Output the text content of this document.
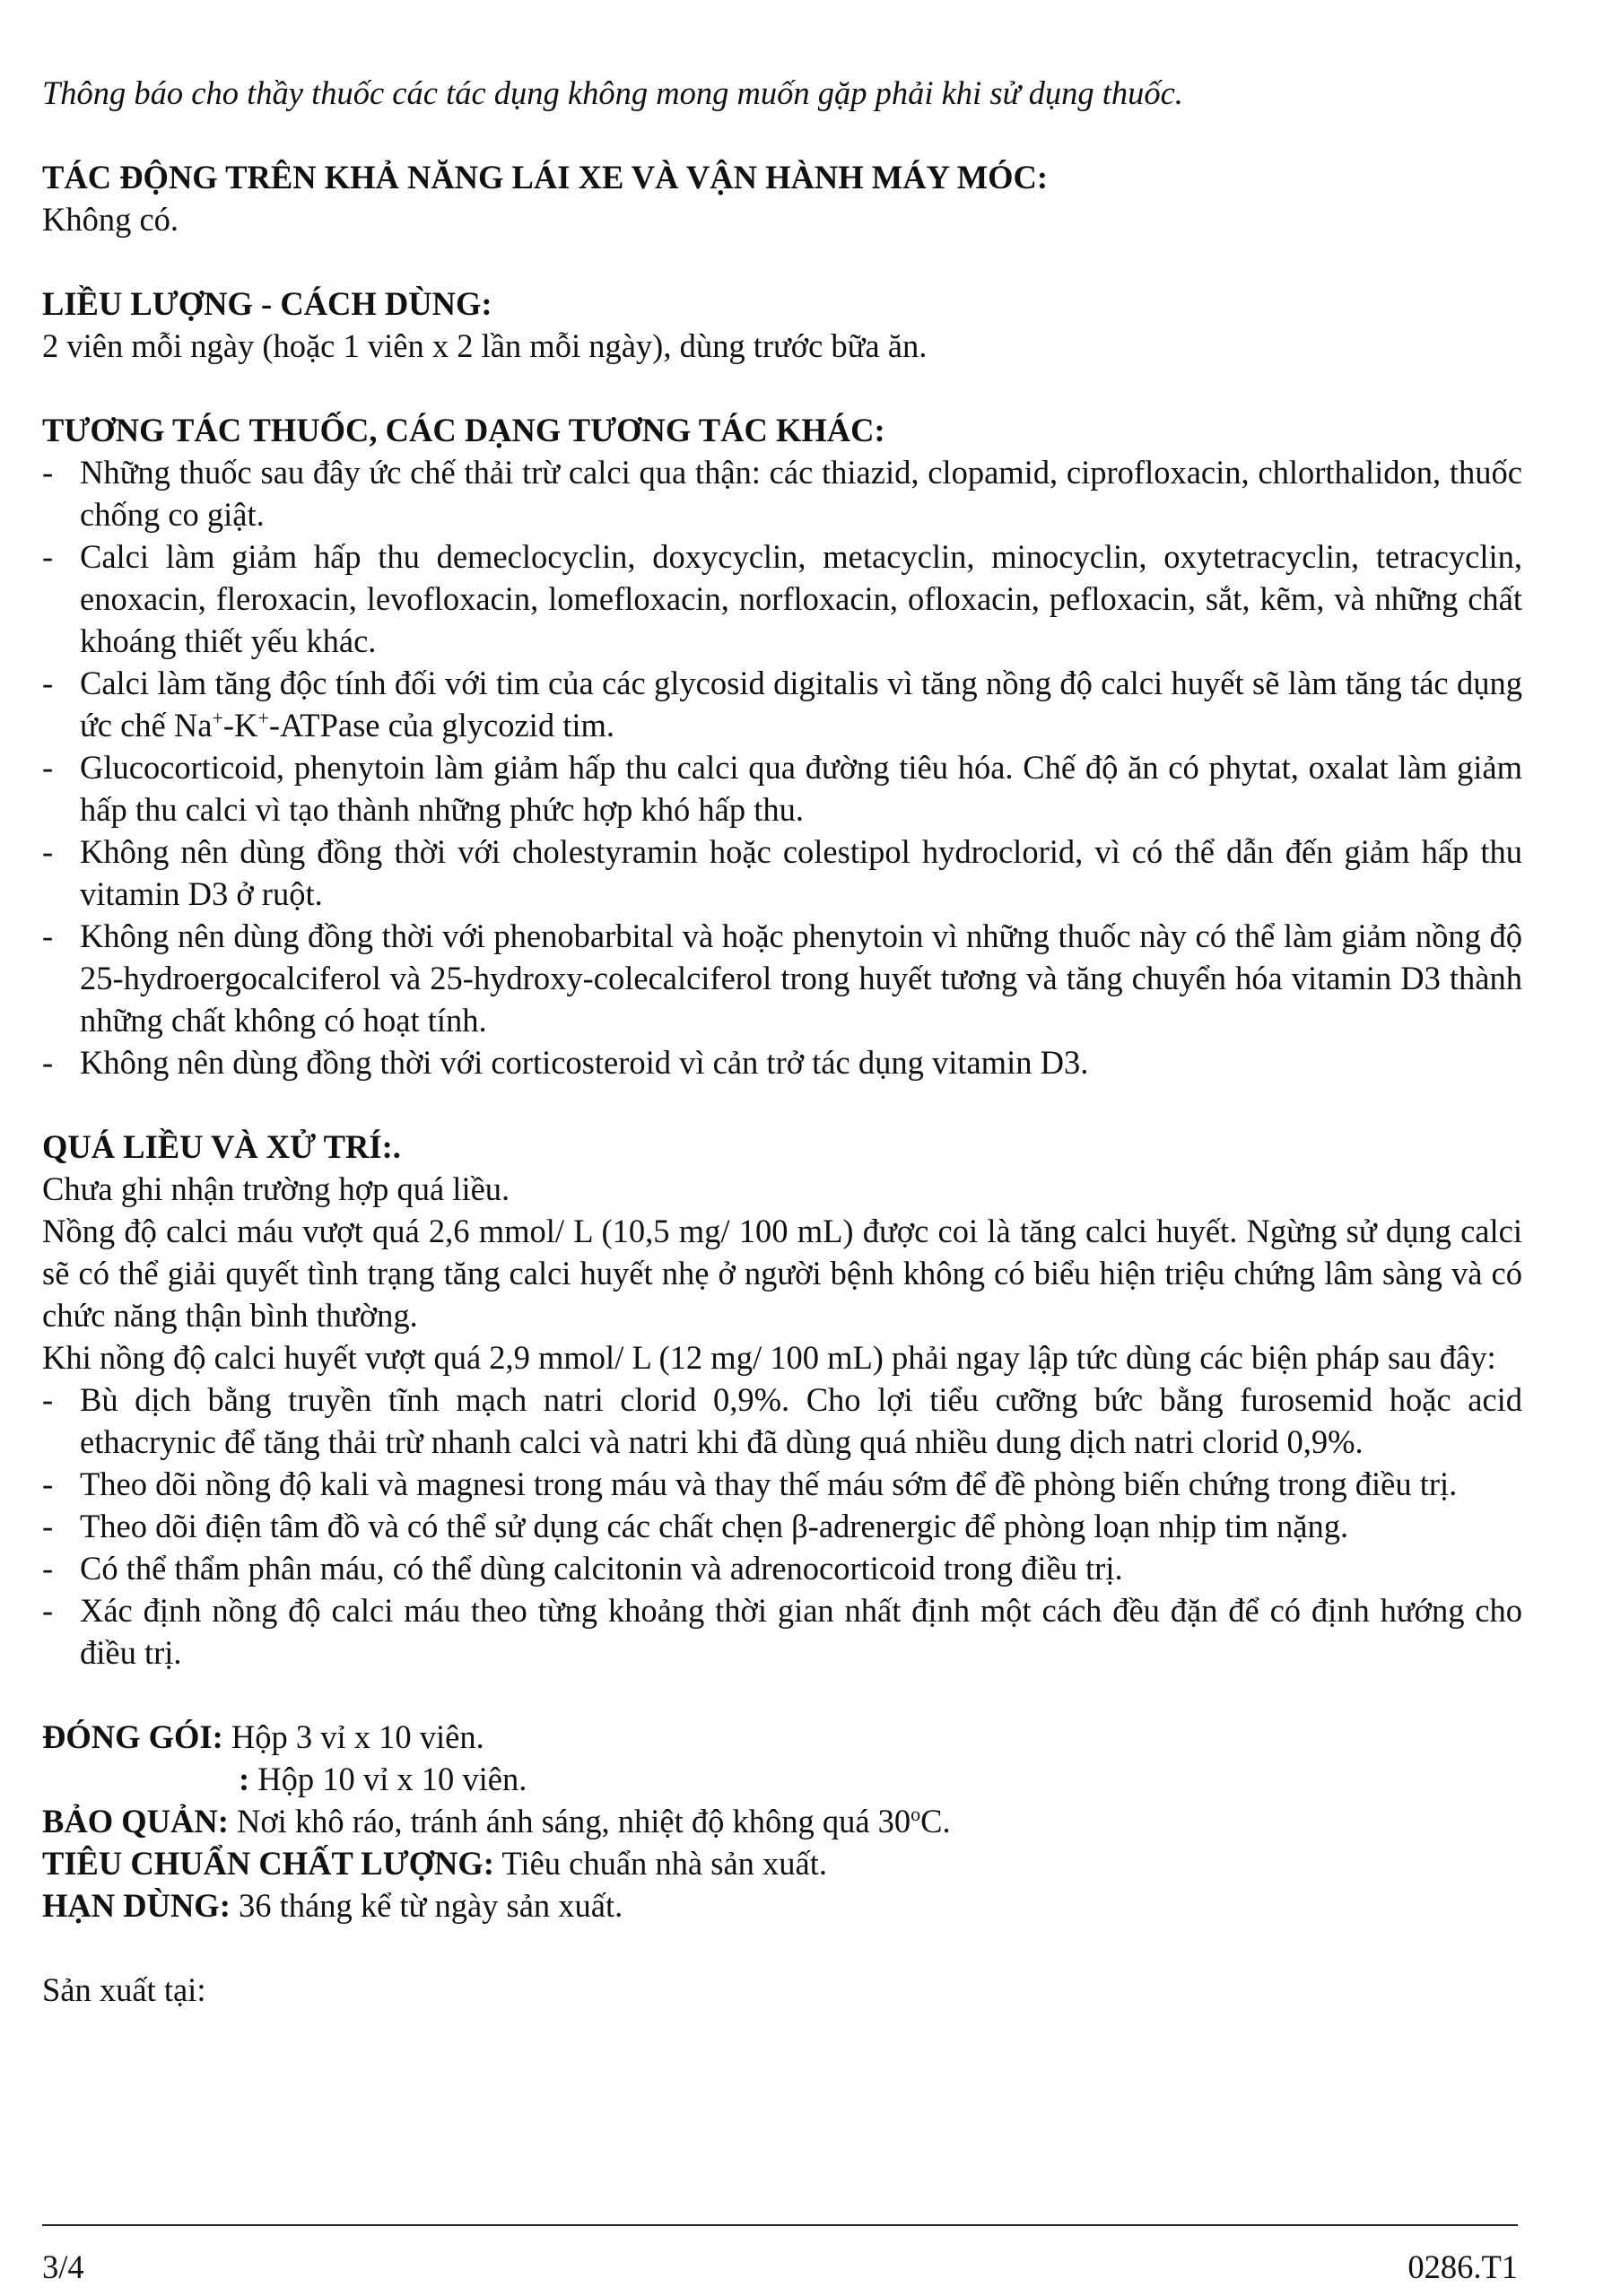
Thông báo cho thầy thuốc các tác dụng không mong muốn gặp phải khi sử dụng thuốc.

TÁC ĐỘNG TRÊN KHẢ NĂNG LÁI XE VÀ VẬN HÀNH MÁY MÓC:

Không có.

LIỀU LƯỢNG - CÁCH DÙNG:

2 viên mỗi ngày (hoặc 1 viên x 2 lần mỗi ngày), dùng trước bữa ăn.

TƯƠNG TÁC THUỐC, CÁC DẠNG TƯƠNG TÁC KHÁC:
- Những thuốc sau đây ức chế thải trừ calci qua thận: các thiazid, clopamid, ciprofloxacin, chlorthalidon, thuốc chống co giật.
- Calci làm giảm hấp thu demeclocyclin, doxycyclin, metacyclin, minocyclin, oxytetracyclin, tetracyclin, enoxacin, fleroxacin, levofloxacin, lomefloxacin, norfloxacin, ofloxacin, pefloxacin, sắt, kẽm, và những chất khoáng thiết yếu khác.
- Calci làm tăng độc tính đối với tim của các glycosid digitalis vì tăng nồng độ calci huyết sẽ làm tăng tác dụng ức chế Na+-K+-ATPase của glycozid tim.
- Glucocorticoid, phenytoin làm giảm hấp thu calci qua đường tiêu hóa. Chế độ ăn có phytat, oxalat làm giảm hấp thu calci vì tạo thành những phức hợp khó hấp thu.
- Không nên dùng đồng thời với cholestyramin hoặc colestipol hydroclorid, vì có thể dẫn đến giảm hấp thu vitamin D3 ở ruột.
- Không nên dùng đồng thời với phenobarbital và hoặc phenytoin vì những thuốc này có thể làm giảm nồng độ 25-hydroergocalciferol và 25-hydroxy-colecalciferol trong huyết tương và tăng chuyển hóa vitamin D3 thành những chất không có hoạt tính.
- Không nên dùng đồng thời với corticosteroid vì cản trở tác dụng vitamin D3.
QUÁ LIỀU VÀ XỬ TRÍ:.

Chưa ghi nhận trường hợp quá liều.

Nồng độ calci máu vượt quá 2,6 mmol/ L (10,5 mg/ 100 mL) được coi là tăng calci huyết. Ngừng sử dụng calci sẽ có thể giải quyết tình trạng tăng calci huyết nhẹ ở người bệnh không có biểu hiện triệu chứng lâm sàng và có chức năng thận bình thường.

Khi nồng độ calci huyết vượt quá 2,9 mmol/ L (12 mg/ 100 mL) phải ngay lập tức dùng các biện pháp sau đây:

- Bù dịch bằng truyền tĩnh mạch natri clorid 0,9%. Cho lợi tiểu cưỡng bức bằng furosemid hoặc acid ethacrynic để tăng thải trừ nhanh calci và natri khi đã dùng quá nhiều dung dịch natri clorid 0,9%.
- Theo dõi nồng độ kali và magnesi trong máu và thay thế máu sớm để đề phòng biến chứng trong điều trị.
- Theo dõi điện tâm đồ và có thể sử dụng các chất chẹn β-adrenergic để phòng loạn nhịp tim nặng.
- Có thể thẩm phân máu, có thể dùng calcitonin và adrenocorticoid trong điều trị.
- Xác định nồng độ calci máu theo từng khoảng thời gian nhất định một cách đều đặn để có định hướng cho điều trị.

ĐÓNG GÓI: Hộp 3 vỉ x 10 viên.

: Hộp 10 vỉ x 10 viên.

BẢO QUẢN: Nơi khô ráo, tránh ánh sáng, nhiệt độ không quá 30$^o$C.

TIÊU CHUẨN CHẤT LƯỢNG: Tiêu chuẩn nhà sản xuất.

HẠN DÙNG: 36 tháng kể từ ngày sản xuất.

Sản xuất tại:

3/4	0286.T1
